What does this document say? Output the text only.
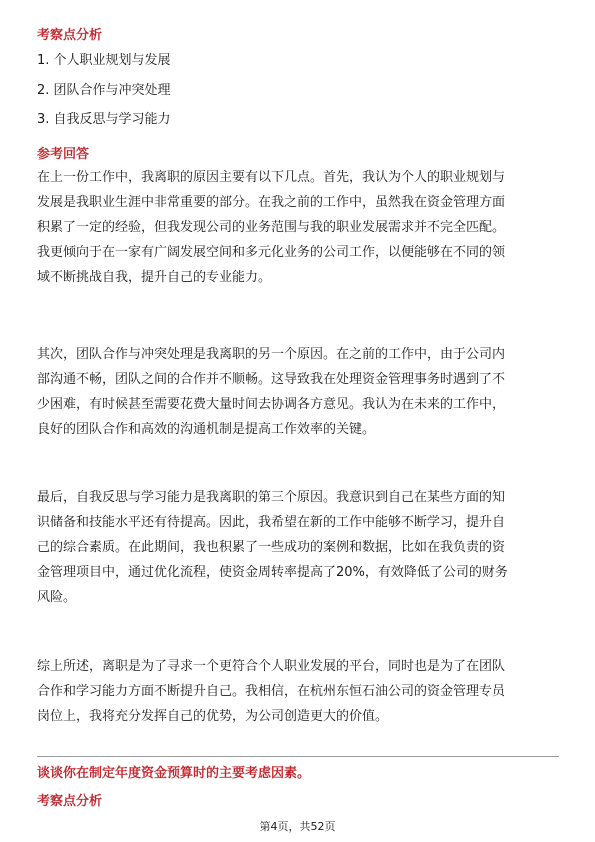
考察点分析
1. 个人职业规划与发展
2. 团队合作与冲突处理
3. 自我反思与学习能力
参考回答
在上一份工作中，我离职的原因主要有以下几点。首先，我认为个人的职业规划与
发展是我职业生涯中非常重要的部分。在我之前的工作中，虽然我在资金管理方面
积累了一定的经验，但我发现公司的业务范围与我的职业发展需求并不完全匹配。
我更倾向于在一家有广阔发展空间和多元化业务的公司工作，以便能够在不同的领
域不断挑战自我，提升自己的专业能力。
其次，团队合作与冲突处理是我离职的另一个原因。在之前的工作中，由于公司内
部沟通不畅，团队之间的合作并不顺畅。这导致我在处理资金管理事务时遇到了不
少困难，有时候甚至需要花费大量时间去协调各方意见。我认为在未来的工作中，
良好的团队合作和高效的沟通机制是提高工作效率的关键。
最后，自我反思与学习能力是我离职的第三个原因。我意识到自己在某些方面的知
识储备和技能水平还有待提高。因此，我希望在新的工作中能够不断学习，提升自
己的综合素质。在此期间，我也积累了一些成功的案例和数据，比如在我负责的资
金管理项目中，通过优化流程，使资金周转率提高了20%，有效降低了公司的财务
风险。
综上所述，离职是为了寻求一个更符合个人职业发展的平台，同时也是为了在团队
合作和学习能力方面不断提升自己。我相信，在杭州东恒石油公司的资金管理专员
岗位上，我将充分发挥自己的优势，为公司创造更大的价值。
谈谈你在制定年度资金预算时的主要考虑因素。
考察点分析
第4页，共52页
